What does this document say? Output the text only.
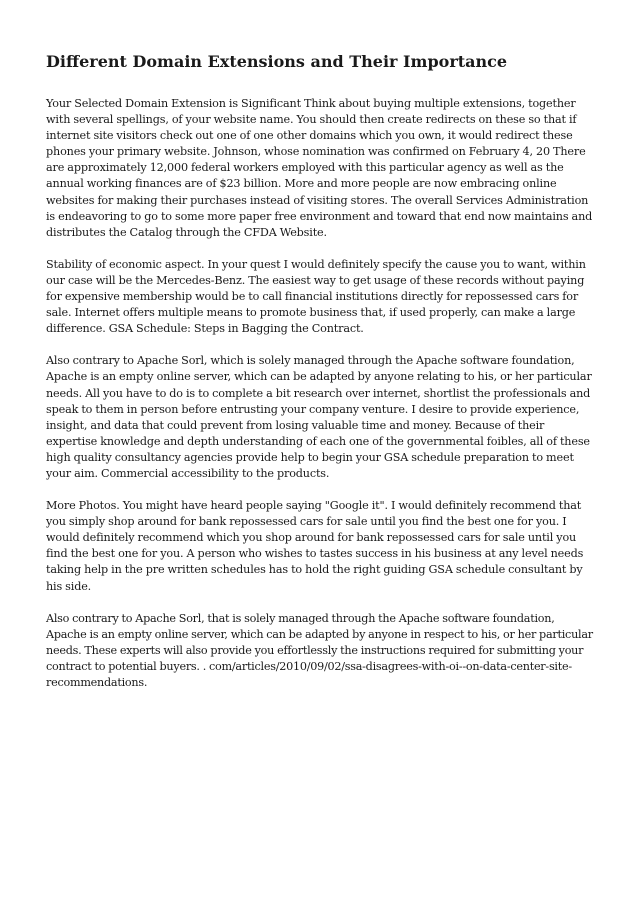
Different Domain Extensions and Their Importance

Your Selected Domain Extension is Significant Think about buying multiple extensions, together with several spellings, of your website name. You should then create redirects on these so that if internet site visitors check out one of one other domains which you own, it would redirect these phones your primary website. Johnson, whose nomination was confirmed on February 4, 20 There are approximately 12,000 federal workers employed with this particular agency as well as the annual working finances are of $23 billion. More and more people are now embracing online websites for making their purchases instead of visiting stores. The overall Services Administration is endeavoring to go to some more paper free environment and toward that end now maintains and distributes the Catalog through the CFDA Website.

Stability of economic aspect. In your quest I would definitely specify the cause you to want, within our case will be the Mercedes-Benz. The easiest way to get usage of these records without paying for expensive membership would be to call financial institutions directly for repossessed cars for sale. Internet offers multiple means to promote business that, if used properly, can make a large difference. GSA Schedule: Steps in Bagging the Contract.

Also contrary to Apache Sorl, which is solely managed through the Apache software foundation, Apache is an empty online server, which can be adapted by anyone relating to his, or her particular needs. All you have to do is to complete a bit research over internet, shortlist the professionals and speak to them in person before entrusting your company venture. I desire to provide experience, insight, and data that could prevent from losing valuable time and money. Because of their expertise knowledge and depth understanding of each one of the governmental foibles, all of these high quality consultancy agencies provide help to begin your GSA schedule preparation to meet your aim. Commercial accessibility to the products.

More Photos. You might have heard people saying "Google it". I would definitely recommend that you simply shop around for bank repossessed cars for sale until you find the best one for you. I would definitely recommend which you shop around for bank repossessed cars for sale until you find the best one for you. A person who wishes to tastes success in his business at any level needs taking help in the pre written schedules has to hold the right guiding GSA schedule consultant by his side.

Also contrary to Apache Sorl, that is solely managed through the Apache software foundation, Apache is an empty online server, which can be adapted by anyone in respect to his, or her particular needs. These experts will also provide you effortlessly the instructions required for submitting your contract to potential buyers. . com/articles/2010/09/02/ssa-disagrees-with-oi--on-data-center-site-recommendations.
